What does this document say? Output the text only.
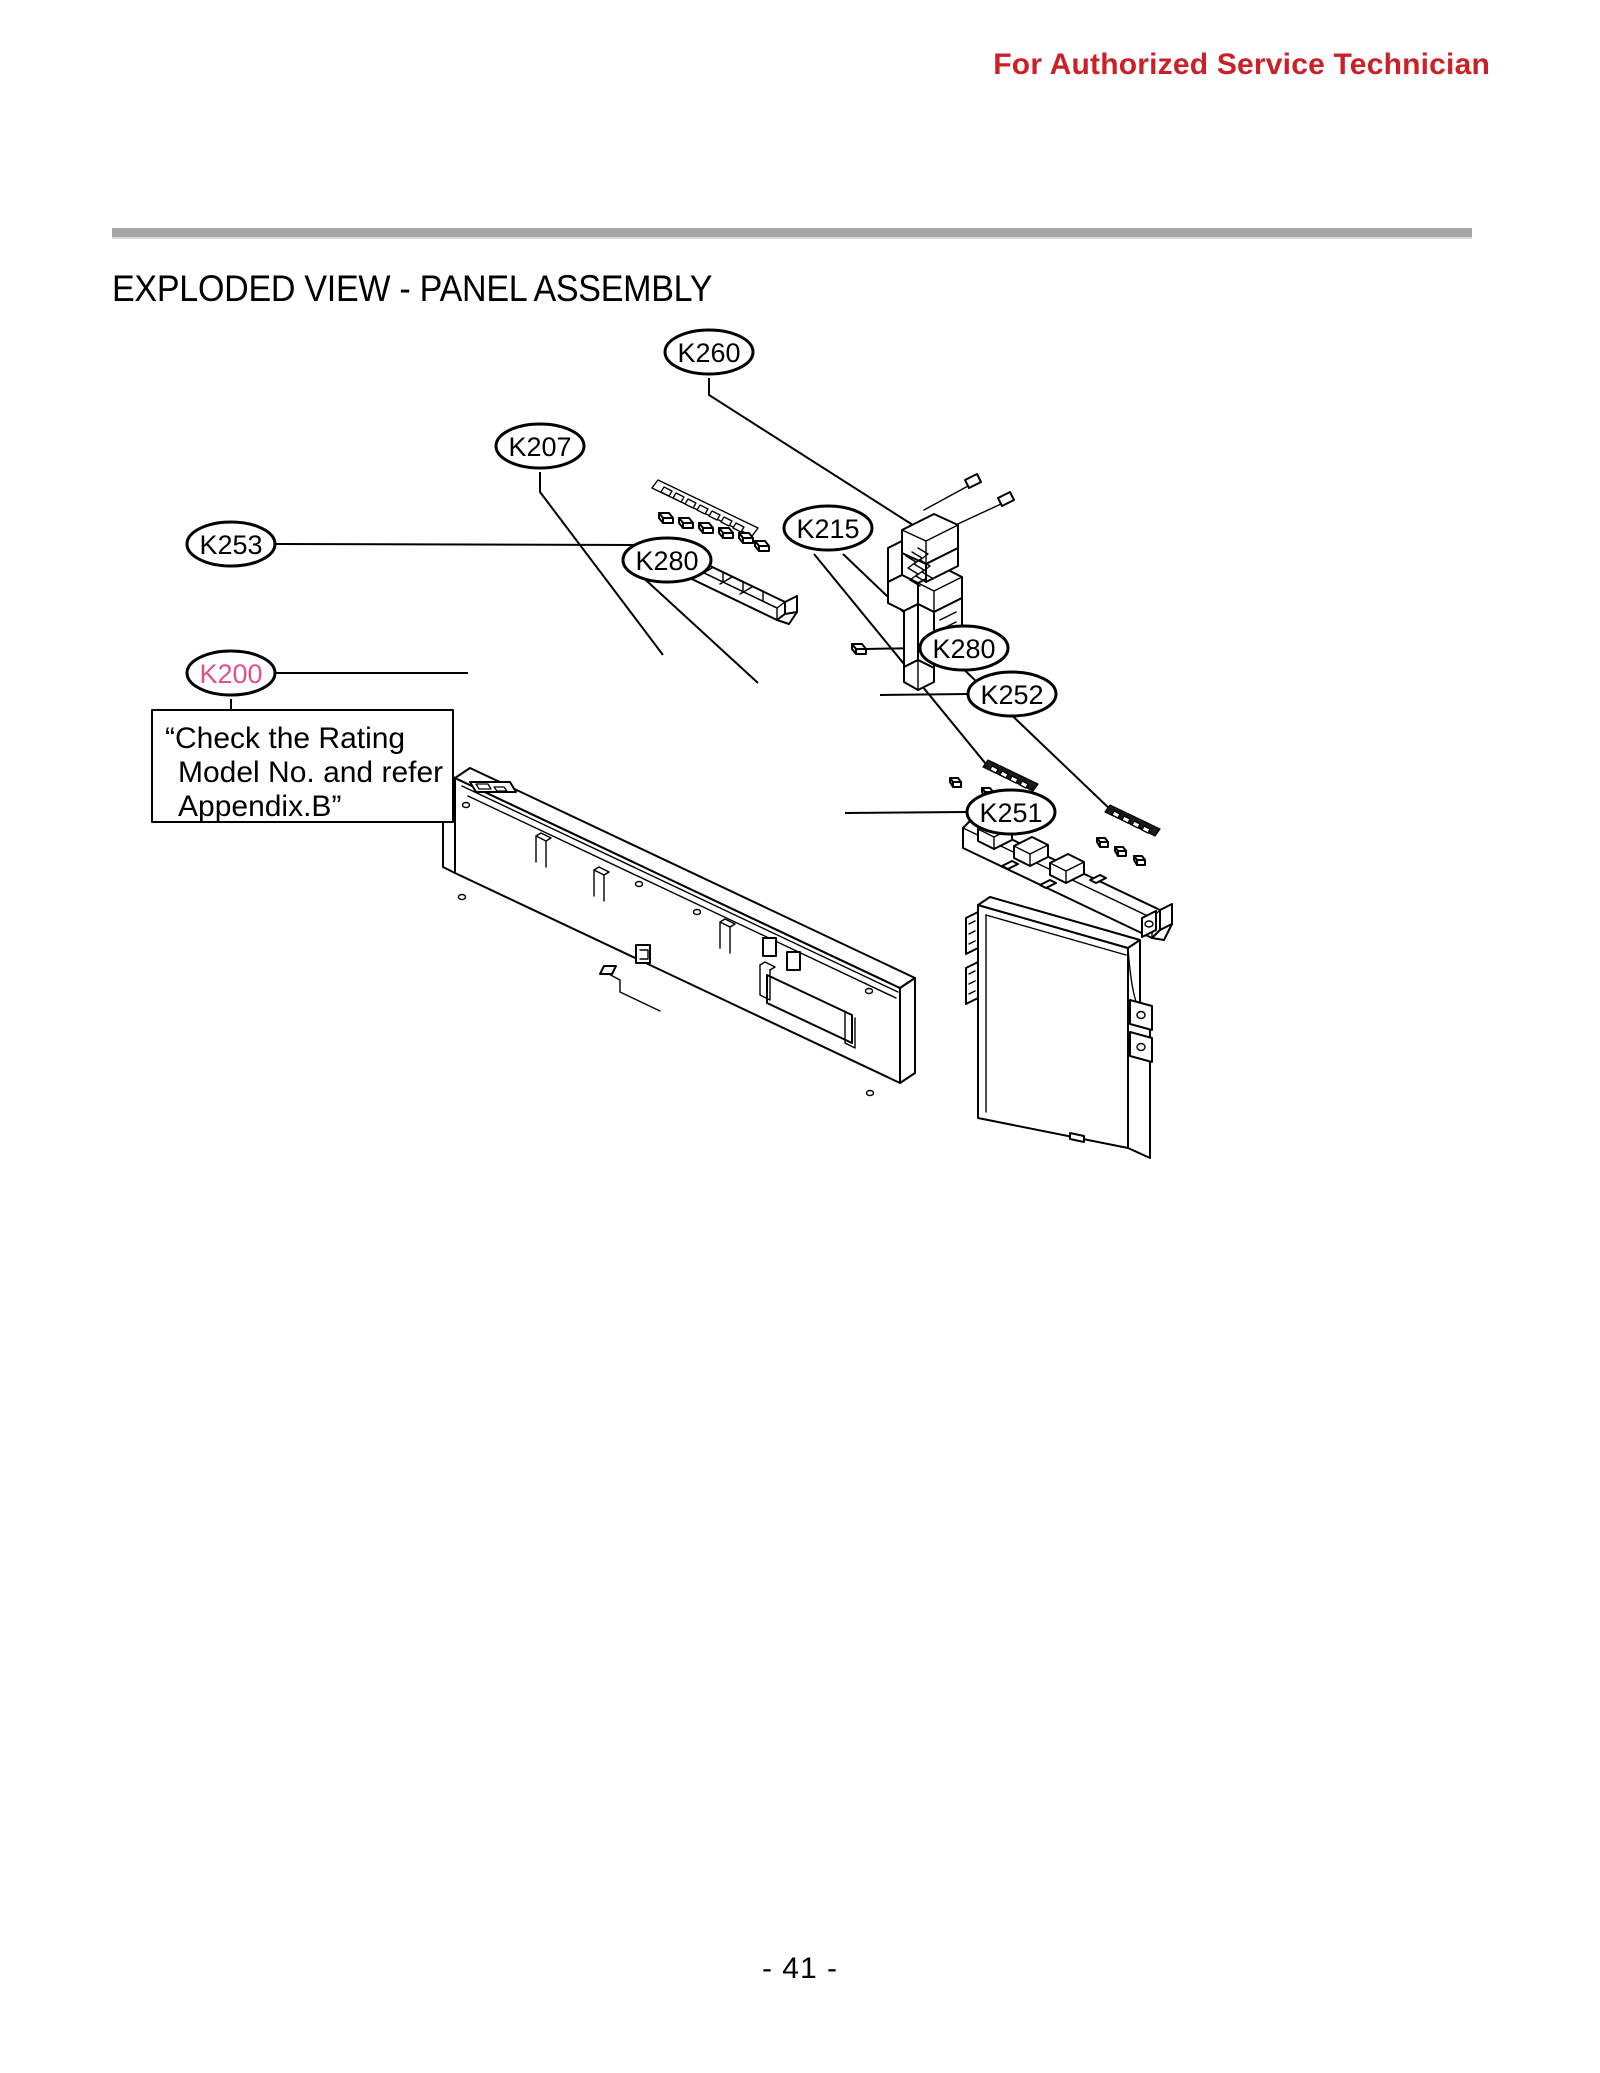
For Authorized Service Technician
EXPLODED VIEW - PANEL ASSEMBLY
“Check the Rating
Model No. and refer
Appendix.B”
K260
K207
K215
K253
K280
K280
K252
K200
K251
- 41 -
